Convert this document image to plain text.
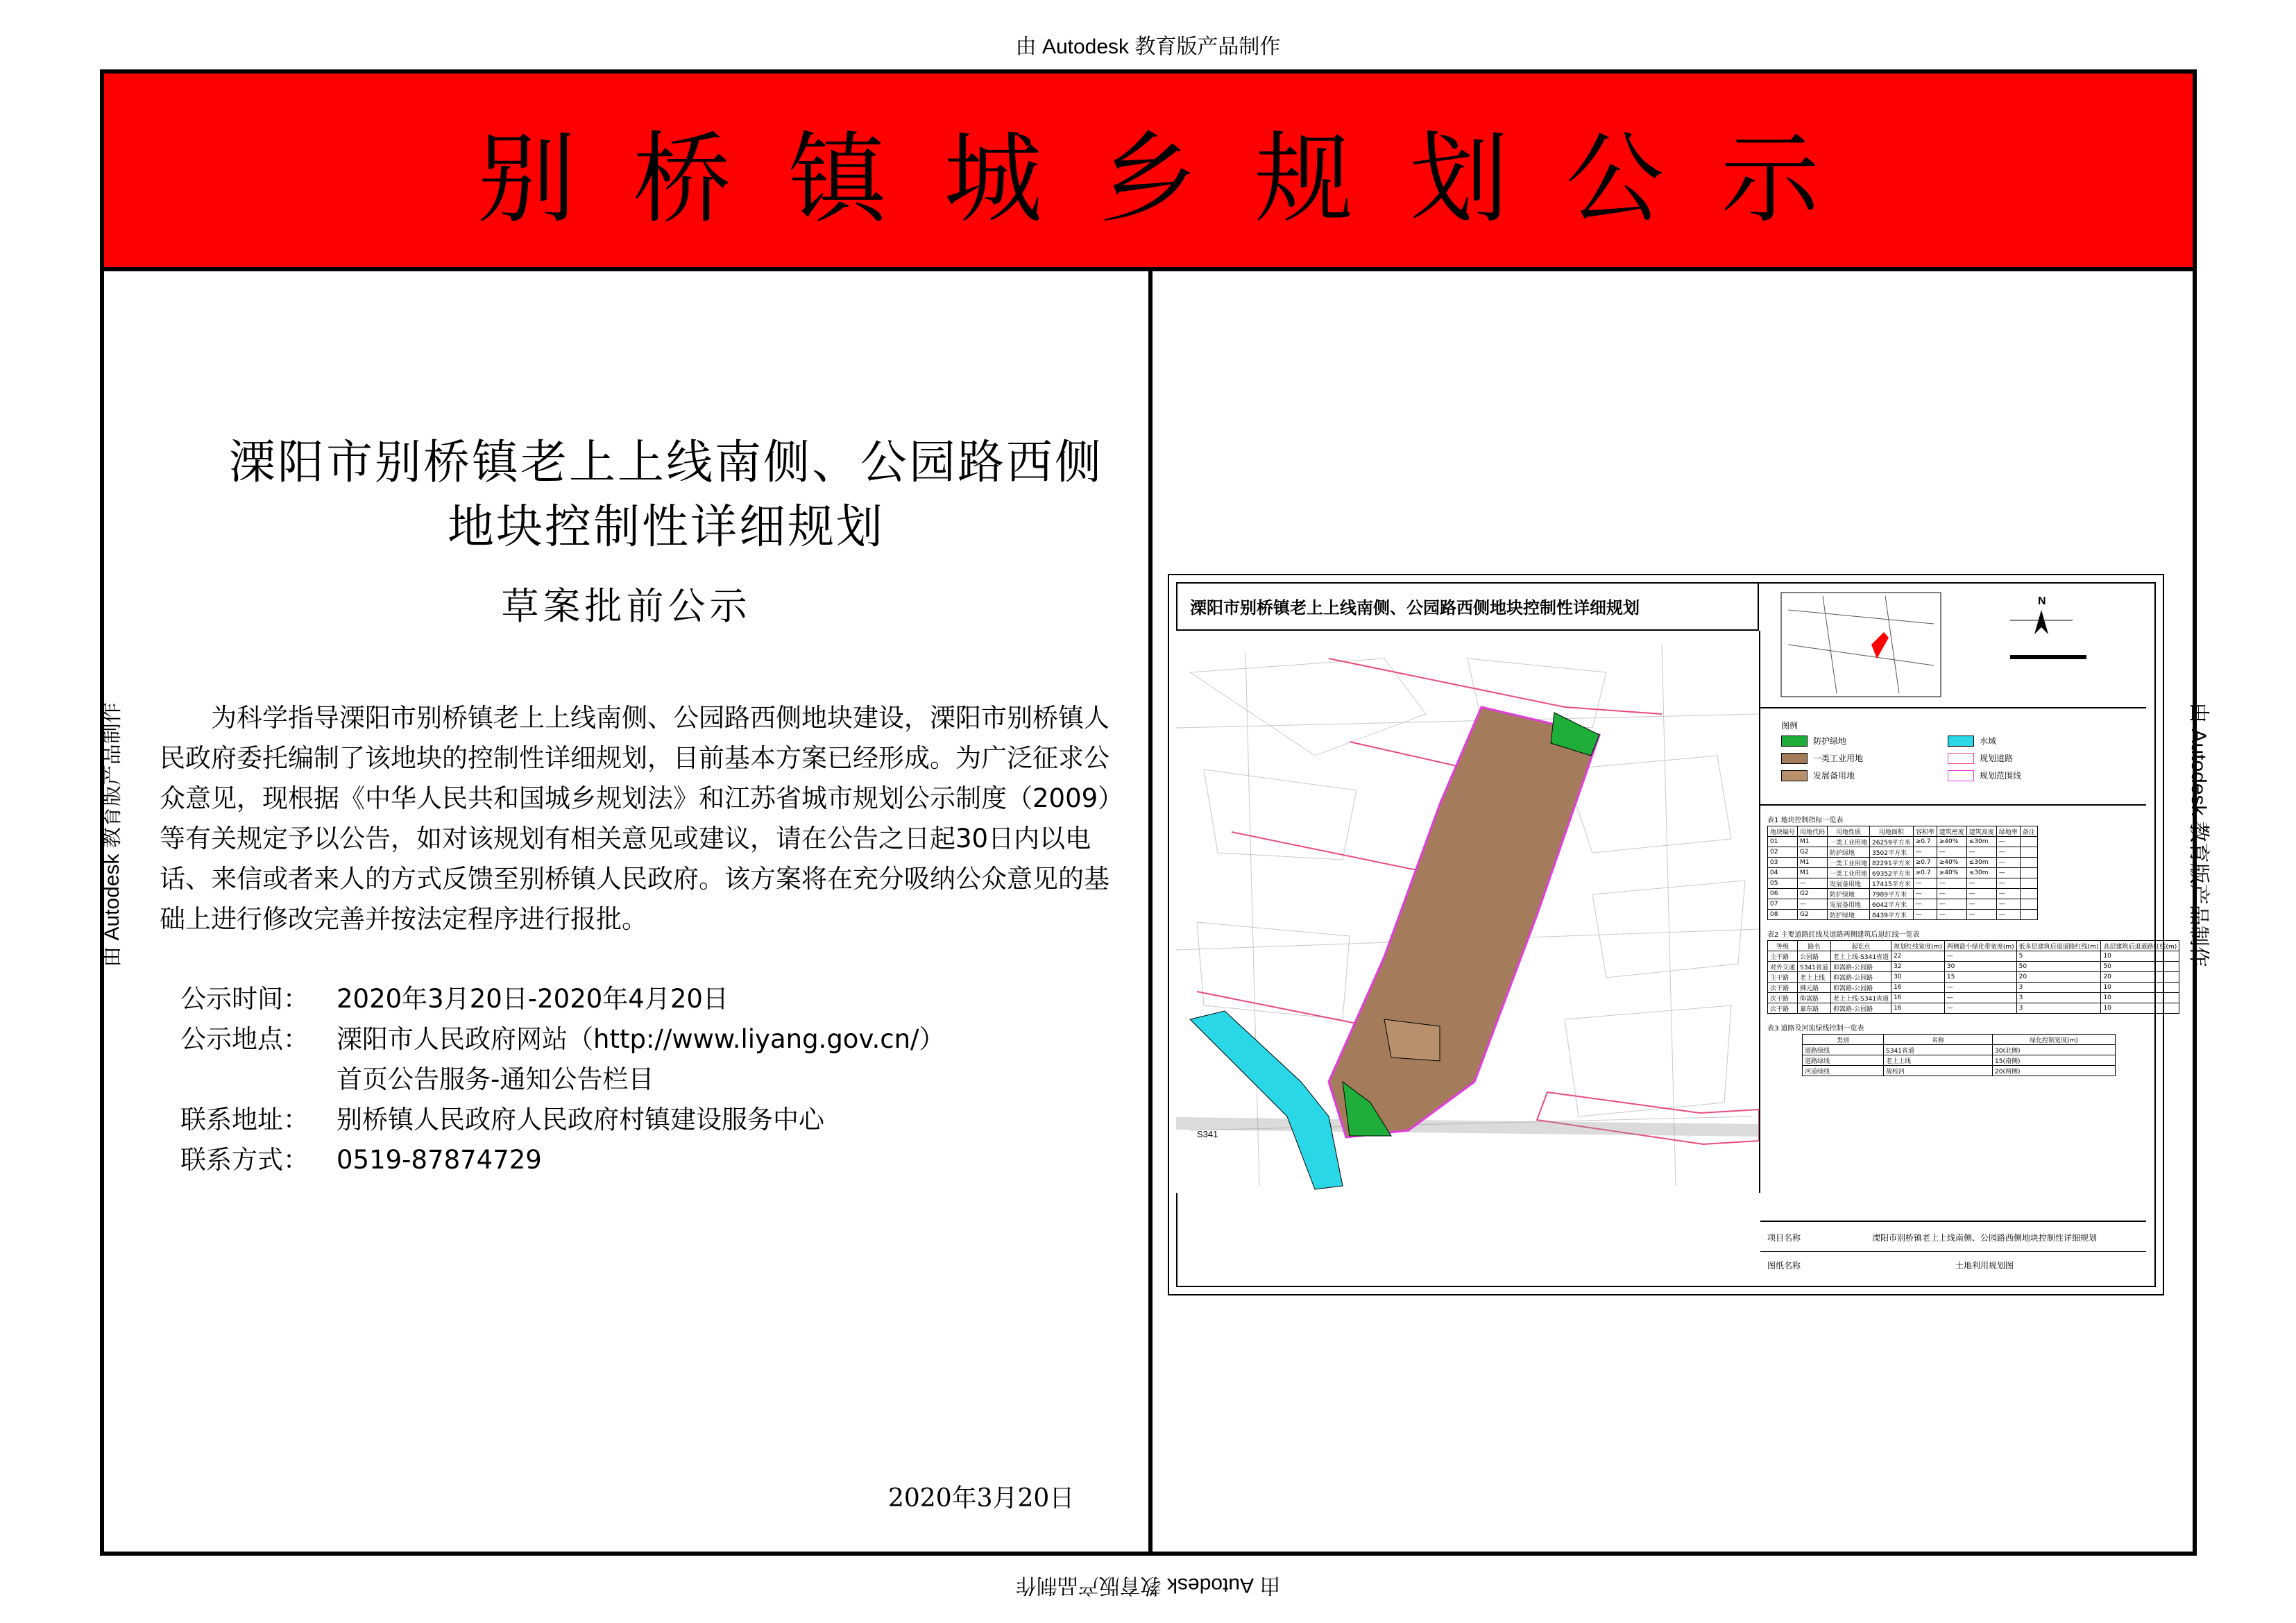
由 Autodesk 教育版产品制作
由 Autodesk 教育版产品制作
由 Autodesk 教育版产品制作	由 Autodesk 教育版产品制作
别桥镇城乡规划公示
溧阳市别桥镇老上上线南侧、公园路西侧
地块控制性详细规划
草案批前公示
为科学指导溧阳市别桥镇老上上线南侧、公园路西侧地块建设，溧阳市别桥镇人民政府委托编制了该地块的控制性详细规划，目前基本方案已经形成。为广泛征求公众意见，现根据《中华人民共和国城乡规划法》和江苏省城市规划公示制度（2009）等有关规定予以公告，如对该规划有相关意见或建议，请在公告之日起30日内以电话、来信或者来人的方式反馈至别桥镇人民政府。该方案将在充分吸纳公众意见的基础上进行修改完善并按法定程序进行报批。
公示时间： 2020年3月20日-2020年4月20日
公示地点： 溧阳市人民政府网站（http://www.liyang.gov.cn/）
首页公告服务-通知公告栏目
联系地址： 别桥镇人民政府人民政府村镇建设服务中心
联系方式： 0519-87874729
2020年3月20日
溧阳市别桥镇老上上线南侧、公园路西侧地块控制性详细规划
S341
N
图例
防护绿地
一类工业用地
发展备用地
水域
规划道路
规划范围线
表1 地块控制指标一览表
地块编号	用地代码	用地性质	用地面积	容积率	建筑密度	建筑高度	绿地率	备注
01	M1	一类工业用地	26259平方米	≥0.7	≥40%	≤30m	—	
02	G2	防护绿地	3502平方米	—	—	—	—	
03	M1	一类工业用地	82291平方米	≥0.7	≥40%	≤30m	—	
04	M1	一类工业用地	69352平方米	≥0.7	≥40%	≤30m	—	
05	—	发展备用地	17415平方米	—	—	—	—	
06	G2	防护绿地	7989平方米	—	—	—	—	
07	—	发展备用地	6042平方米	—	—	—	—	
08	G2	防护绿地	8439平方米	—	—	—	—	
表2 主要道路红线及道路两侧建筑后退红线一览表
等级	路名	起讫点	规划红线宽度(m)	两侧最小绿化带宽度(m)	低多层建筑后退道路红线(m)	高层建筑后退道路红线(m)
主干路	公园路	老上上线-S341省道	22	—	5	10
对外交通	S341省道	仰嵩路-公园路	32	30	50	50
主干路	老上上线	仰嵩路-公园路	30	15	20	20
次干路	拂元路	仰嵩路-公园路	16	—	3	10
次干路	仰嵩路	老上上线-S341省道	16	—	3	10
次干路	嘉东路	仰嵩路-公园路	16	—	3	10
表3 道路及河流绿线控制一览表
类别	名称	绿化控制宽度(m)
道路绿线	S341省道	30(北侧)
道路绿线	老上上线	15(南侧)
河道绿线	战校河	20(两侧)
项目名称	溧阳市别桥镇老上上线南侧、公园路西侧地块控制性详细规划
图纸名称	土地利用规划图
